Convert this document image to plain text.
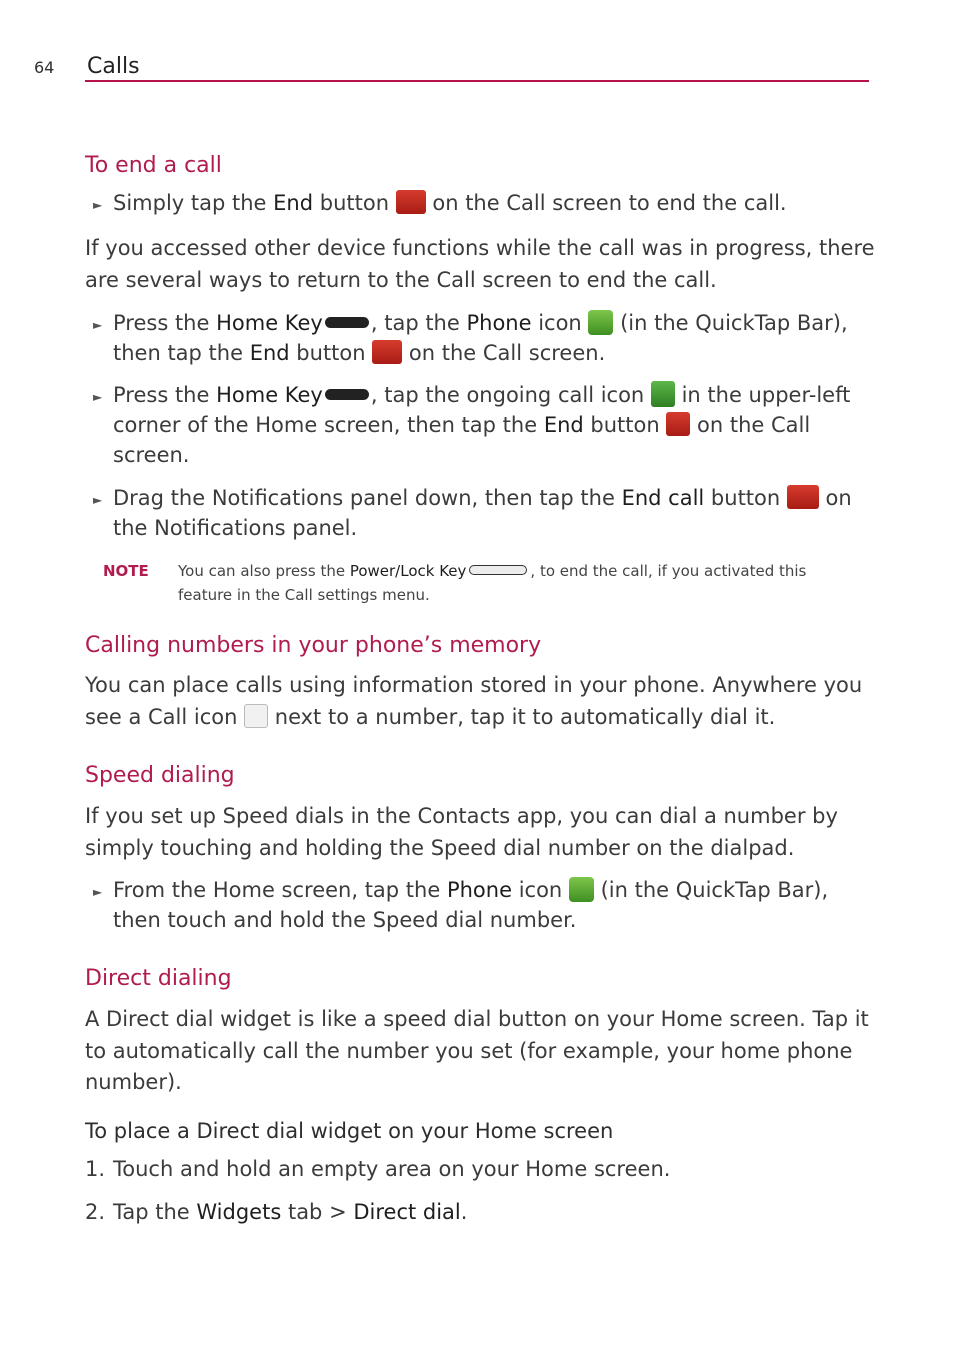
64 Calls
To end a call
► Simply tap the End button  on the Call screen to end the call.
If you accessed other device functions while the call was in progress, there
are several ways to return to the Call screen to end the call.
► Press the Home Key , tap the Phone icon  (in the QuickTap Bar),
then tap the End button  on the Call screen.
► Press the Home Key , tap the ongoing call icon  in the upper-left
corner of the Home screen, then tap the End button  on the Call
screen.
► Drag the Notifications panel down, then tap the End call button  on
the Notifications panel.
NOTE You can also press the Power/Lock Key	, to end the call, if you activated this
feature in the Call settings menu.
Calling numbers in your phone’s memory
You can place calls using information stored in your phone. Anywhere you
see a Call icon  next to a number, tap it to automatically dial it.
Speed dialing
If you set up Speed dials in the Contacts app, you can dial a number by
simply touching and holding the Speed dial number on the dialpad.
► From the Home screen, tap the Phone icon  (in the QuickTap Bar),
then touch and hold the Speed dial number.
Direct dialing
A Direct dial widget is like a speed dial button on your Home screen. Tap it
to automatically call the number you set (for example, your home phone
number).
To place a Direct dial widget on your Home screen
1. Touch and hold an empty area on your Home screen.
2. Tap the Widgets tab > Direct dial.
